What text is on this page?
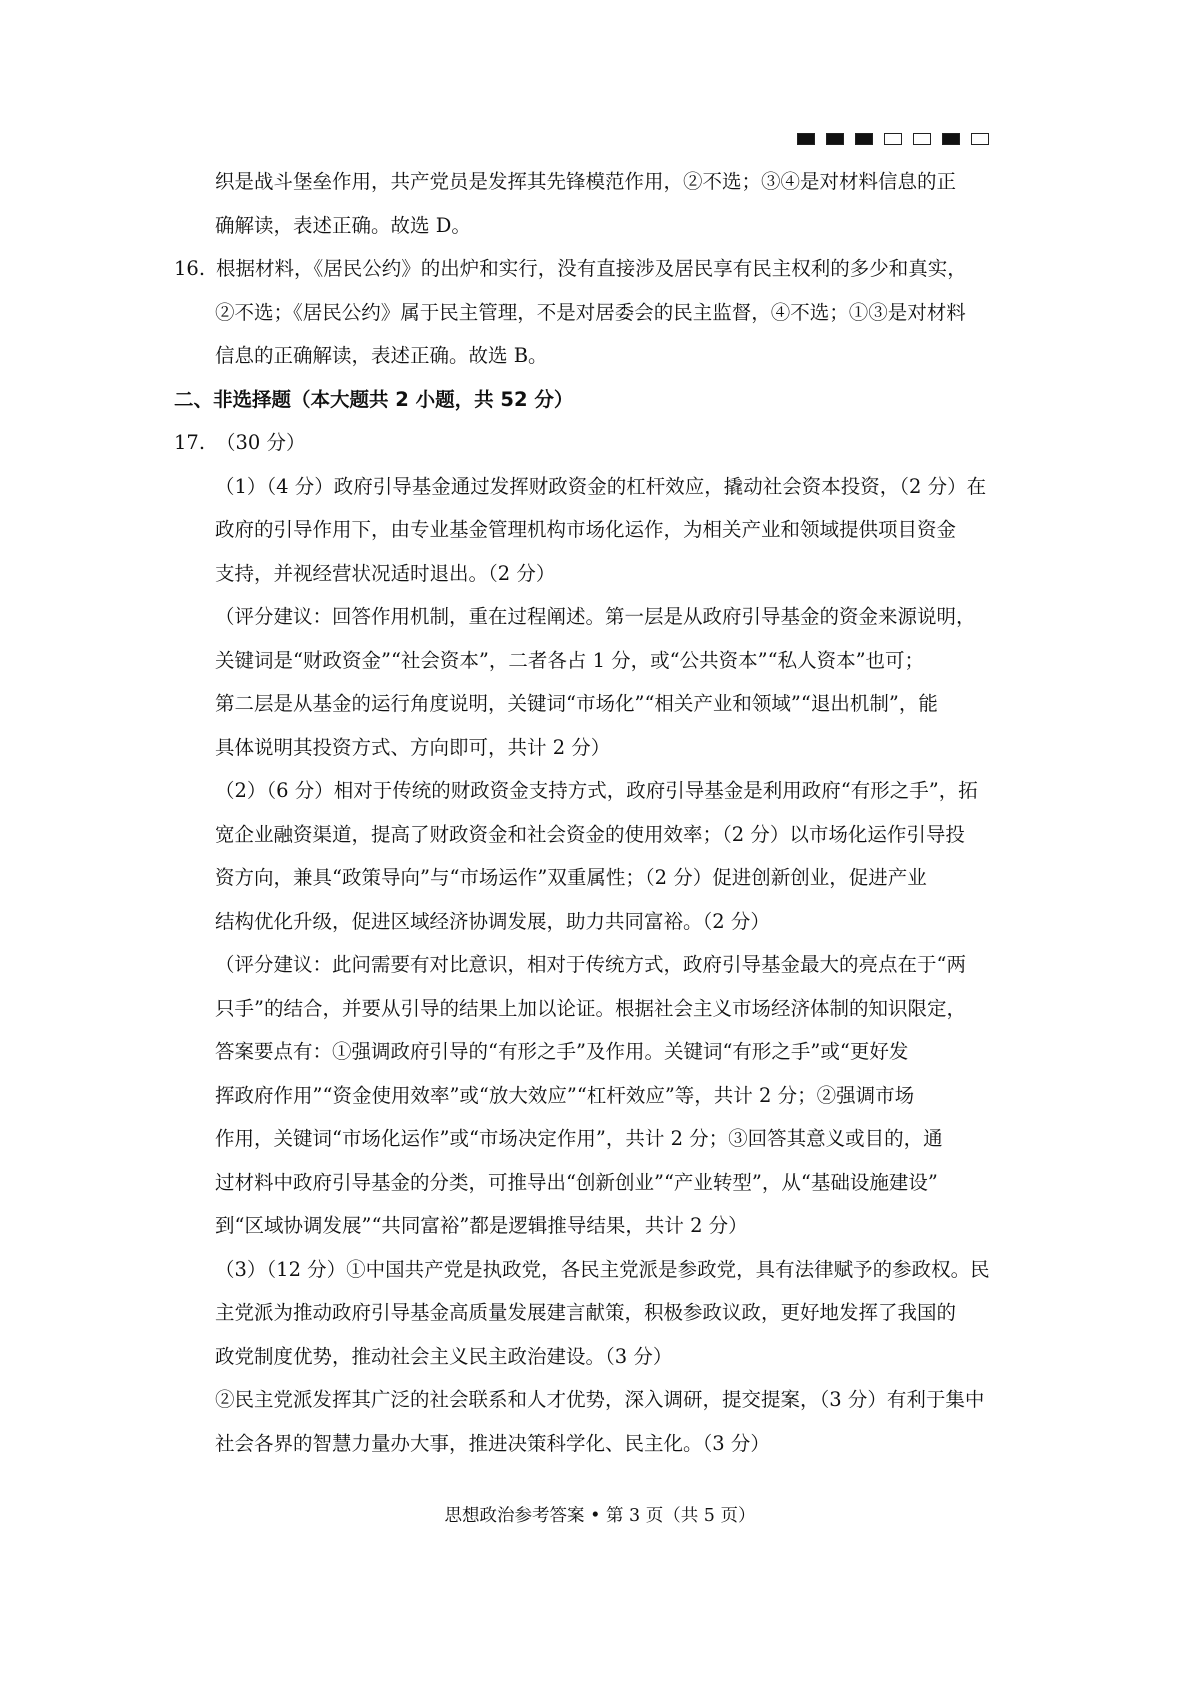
织是战斗堡垒作用，共产党员是发挥其先锋模范作用，②不选；③④是对材料信息的正
确解读，表述正确。故选 D。
16. 根据材料，《居民公约》的出炉和实行，没有直接涉及居民享有民主权利的多少和真实，
②不选；《居民公约》属于民主管理，不是对居委会的民主监督，④不选；①③是对材料
信息的正确解读，表述正确。故选 B。
二、非选择题（本大题共 2 小题，共 52 分）
17. （30 分）
（1）（4 分）政府引导基金通过发挥财政资金的杠杆效应，撬动社会资本投资，（2 分）在
政府的引导作用下，由专业基金管理机构市场化运作，为相关产业和领域提供项目资金
支持，并视经营状况适时退出。（2 分）
（评分建议：回答作用机制，重在过程阐述。第一层是从政府引导基金的资金来源说明，
关键词是“财政资金”“社会资本”，二者各占 1 分，或“公共资本”“私人资本”也可；
第二层是从基金的运行角度说明，关键词“市场化”“相关产业和领域”“退出机制”，能
具体说明其投资方式、方向即可，共计 2 分）
（2）（6 分）相对于传统的财政资金支持方式，政府引导基金是利用政府“有形之手”，拓
宽企业融资渠道，提高了财政资金和社会资金的使用效率；（2 分）以市场化运作引导投
资方向，兼具“政策导向”与“市场运作”双重属性；（2 分）促进创新创业，促进产业
结构优化升级，促进区域经济协调发展，助力共同富裕。（2 分）
（评分建议：此问需要有对比意识，相对于传统方式，政府引导基金最大的亮点在于“两
只手”的结合，并要从引导的结果上加以论证。根据社会主义市场经济体制的知识限定，
答案要点有：①强调政府引导的“有形之手”及作用。关键词“有形之手”或“更好发
挥政府作用”“资金使用效率”或“放大效应”“杠杆效应”等，共计 2 分；②强调市场
作用，关键词“市场化运作”或“市场决定作用”，共计 2 分；③回答其意义或目的，通
过材料中政府引导基金的分类，可推导出“创新创业”“产业转型”，从“基础设施建设”
到“区域协调发展”“共同富裕”都是逻辑推导结果，共计 2 分）
（3）（12 分）①中国共产党是执政党，各民主党派是参政党，具有法律赋予的参政权。民
主党派为推动政府引导基金高质量发展建言献策，积极参政议政，更好地发挥了我国的
政党制度优势，推动社会主义民主政治建设。（3 分）
②民主党派发挥其广泛的社会联系和人才优势，深入调研，提交提案，（3 分）有利于集中
社会各界的智慧力量办大事，推进决策科学化、民主化。（3 分）
思想政治参考答案 • 第 3 页（共 5 页）
